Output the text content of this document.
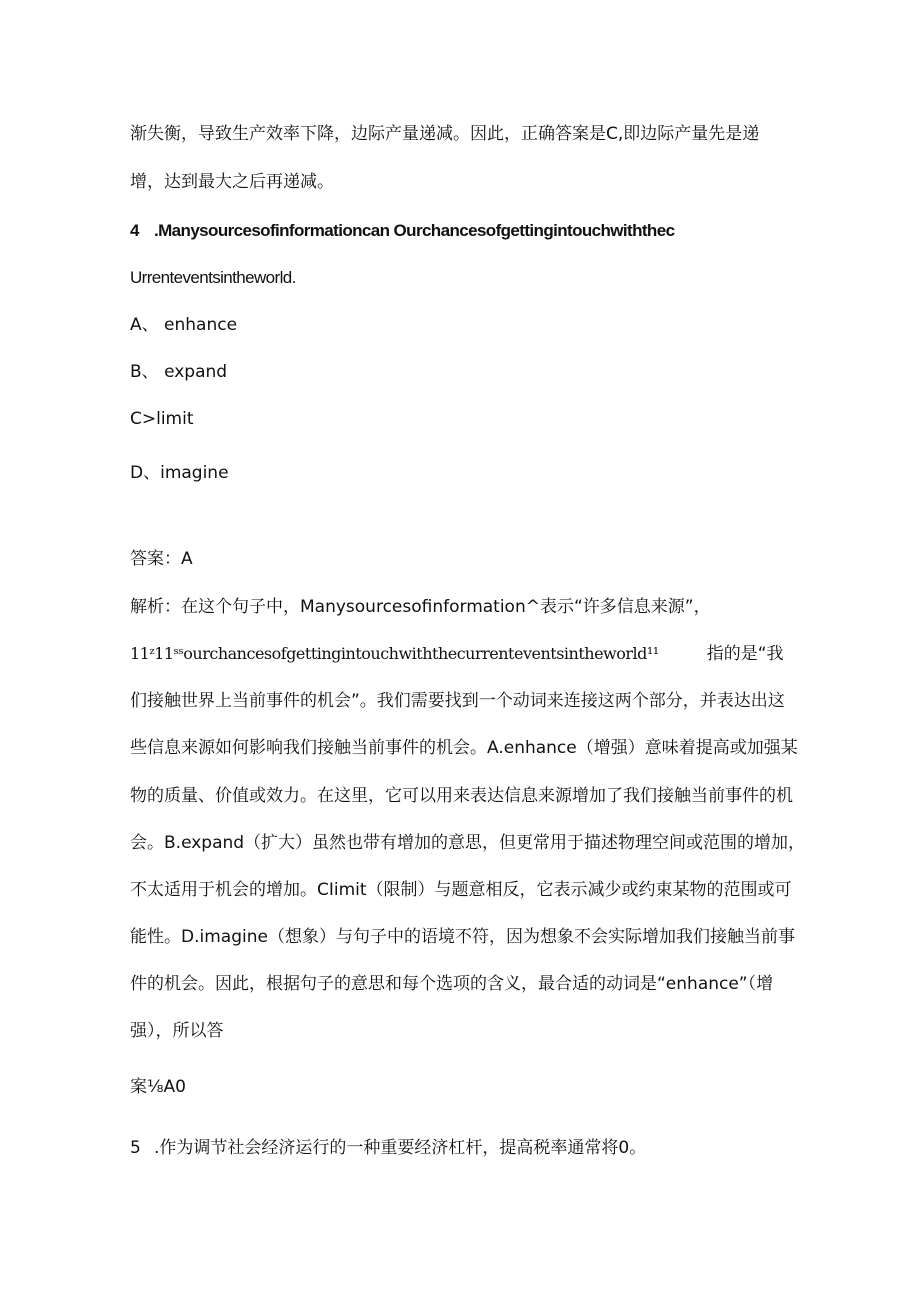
渐失衡，导致生产效率下降，边际产量递减。因此，正确答案是C,即边际产量先是递
增，达到最大之后再递减。
4 .Manysourcesofinformationcan Ourchancesofgettingintouchwiththec
Urrenteventsintheworld.
A、 enhance
B、 expand
C>limit
D、imagine
答案：A
解析：在这个句子中，Manysourcesofinformation^表示“许多信息来源”，
11ᶻ11ˢˢourchancesofgettingintouchwiththecurrenteventsintheworld¹¹	指的是“我
们接触世界上当前事件的机会”。我们需要找到一个动词来连接这两个部分，并表达出这
些信息来源如何影响我们接触当前事件的机会。A.enhance（增强）意味着提高或加强某
物的质量、价值或效力。在这里，它可以用来表达信息来源增加了我们接触当前事件的机
会。B.expand（扩大）虽然也带有增加的意思，但更常用于描述物理空间或范围的增加，
不太适用于机会的增加。CIimit（限制）与题意相反，它表示减少或约束某物的范围或可
能性。D.imagine（想象）与句子中的语境不符，因为想象不会实际增加我们接触当前事
件的机会。因此，根据句子的意思和每个选项的含义，最合适的动词是“enhance”（增
强），所以答
案⅛A0
5 .作为调节社会经济运行的一种重要经济杠杆，提高税率通常将0。
